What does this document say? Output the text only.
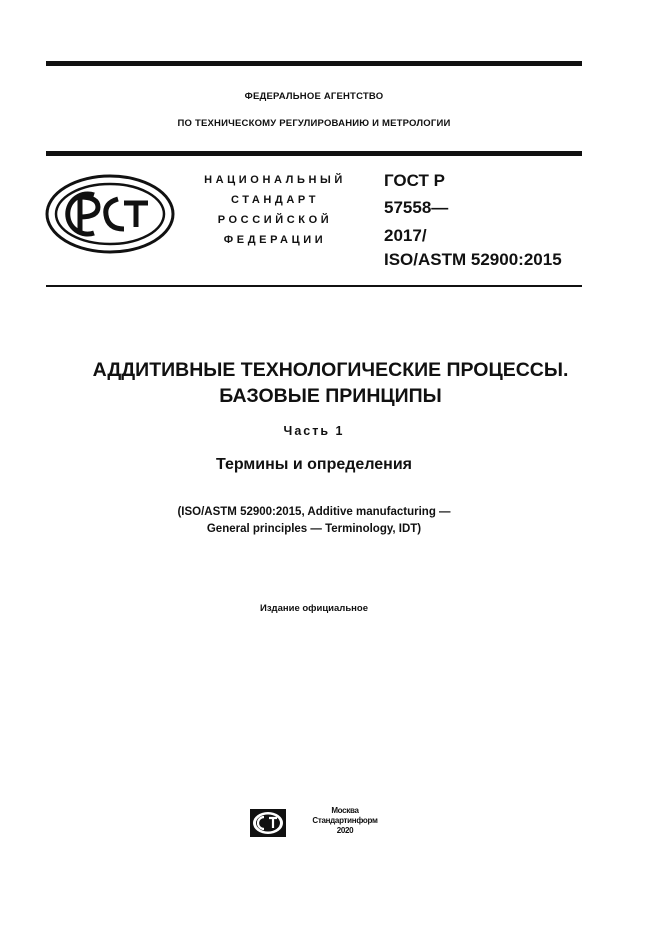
ФЕДЕРАЛЬНОЕ АГЕНТСТВО
ПО ТЕХНИЧЕСКОМУ РЕГУЛИРОВАНИЮ И МЕТРОЛОГИИ
НАЦИОНАЛЬНЫЙ
СТАНДАРТ
РОССИЙСКОЙ
ФЕДЕРАЦИИ
ГОСТ Р
57558—
2017/
ISO/ASTM 52900:2015
АДДИТИВНЫЕ ТЕХНОЛОГИЧЕСКИЕ ПРОЦЕССЫ.
БАЗОВЫЕ ПРИНЦИПЫ
Часть 1
Термины и определения
(ISO/ASTM 52900:2015, Additive manufacturing —
General principles — Terminology, IDT)
Издание официальное
Москва
Стандартинформ
2020
